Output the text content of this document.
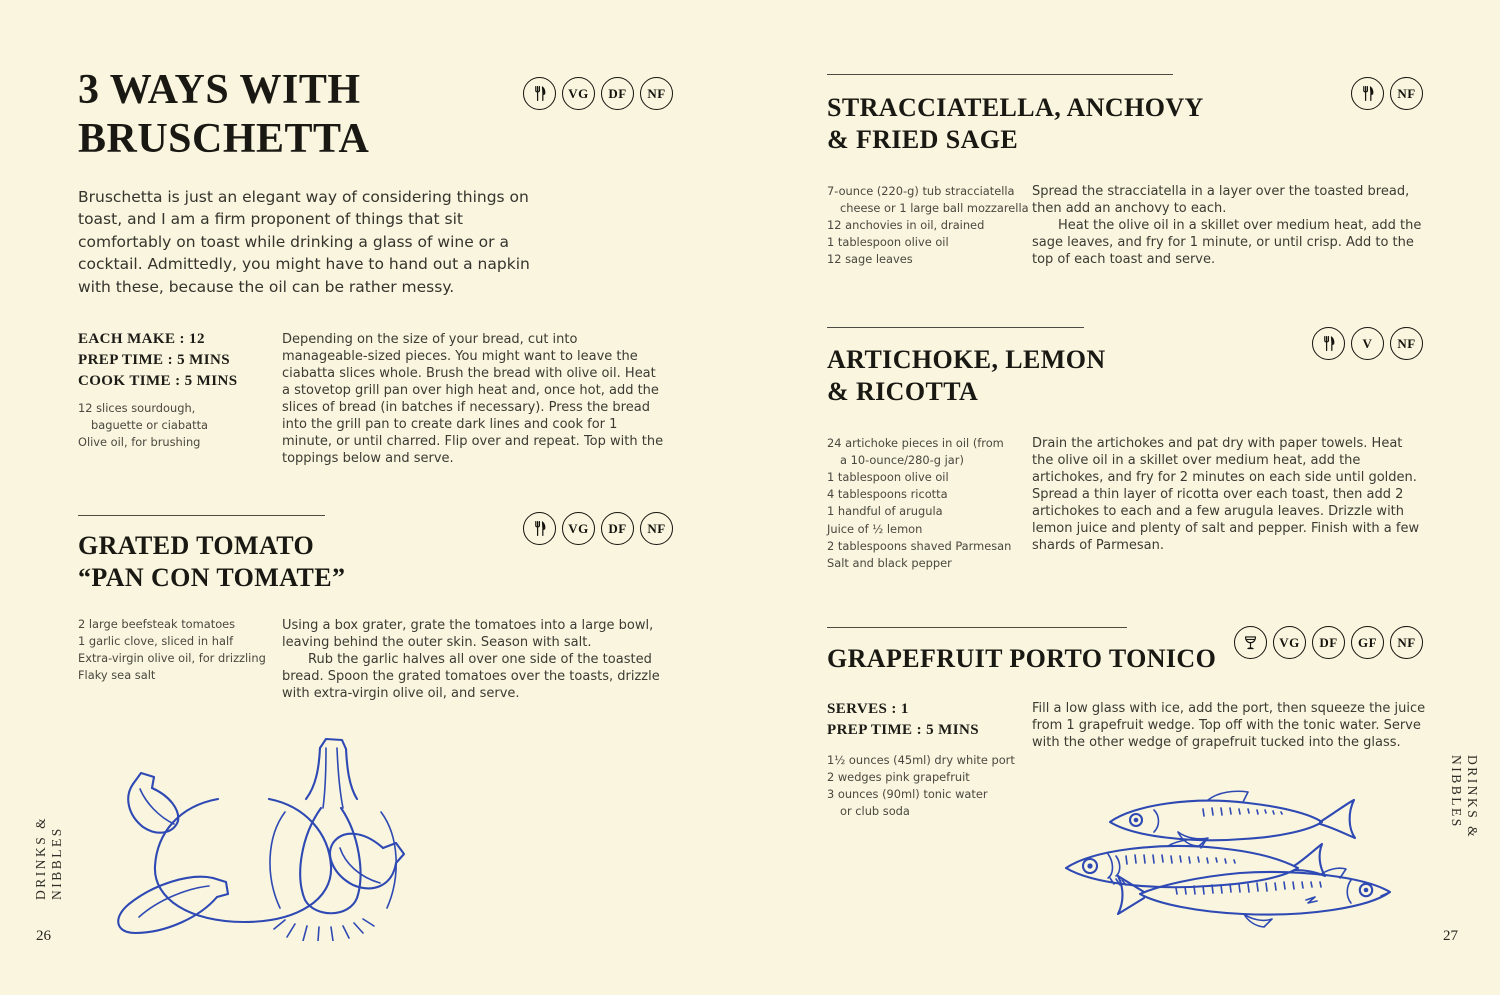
3 WAYS WITH
BRUSCHETTA
VG	DF	NF
Bruschetta is just an elegant way of considering things on toast, and I am a firm proponent of things that sit comfortably on toast while drinking a glass of wine or a cocktail. Admittedly, you might have to hand out a napkin with these, because the oil can be rather messy.
EACH MAKE : 12
PREP TIME : 5 MINS
COOK TIME : 5 MINS
12 slices sourdough,
baguette or ciabatta
Olive oil, for brushing

Depending on the size of your bread, cut into manageable-sized pieces. You might want to leave the ciabatta slices whole. Brush the bread with olive oil. Heat a stovetop grill pan over high heat and, once hot, add the slices of bread (in batches if necessary). Press the bread into the grill pan to create dark lines and cook for 1 minute, or until charred. Flip over and repeat. Top with the toppings below and serve.

GRATED TOMATO
“PAN CON TOMATE”
VG	DF	NF
2 large beefsteak tomatoes
1 garlic clove, sliced in half
Extra-virgin olive oil, for drizzling
Flaky sea salt

Using a box grater, grate the tomatoes into a large bowl, leaving behind the outer skin. Season with salt.

Rub the garlic halves all over one side of the toasted bread. Spoon the grated tomatoes over the toasts, drizzle with extra-virgin olive oil, and serve.

DRINKS & NIBBLES
26
STRACCIATELLA, ANCHOVY
& FRIED SAGE
NF
7-ounce (220-g) tub stracciatella
cheese or 1 large ball mozzarella
12 anchovies in oil, drained
1 tablespoon olive oil
12 sage leaves

Spread the stracciatella in a layer over the toasted bread, then add an anchovy to each.

Heat the olive oil in a skillet over medium heat, add the sage leaves, and fry for 1 minute, or until crisp. Add to the top of each toast and serve.

ARTICHOKE, LEMON
& RICOTTA
V	NF
24 artichoke pieces in oil (from
a 10-ounce/280-g jar)
1 tablespoon olive oil
4 tablespoons ricotta
1 handful of arugula
Juice of ½ lemon
2 tablespoons shaved Parmesan
Salt and black pepper

Drain the artichokes and pat dry with paper towels. Heat the olive oil in a skillet over medium heat, add the artichokes, and fry for 2 minutes on each side until golden. Spread a thin layer of ricotta over each toast, then add 2 artichokes to each and a few arugula leaves. Drizzle with lemon juice and plenty of salt and pepper. Finish with a few shards of Parmesan.

GRAPEFRUIT PORTO TONICO
VG	DF	GF	NF
SERVES : 1
PREP TIME : 5 MINS
1½ ounces (45ml) dry white port
2 wedges pink grapefruit
3 ounces (90ml) tonic water
or club soda

Fill a low glass with ice, add the port, then squeeze the juice from 1 grapefruit wedge. Top off with the tonic water. Serve with the other wedge of grapefruit tucked into the glass.

DRINKS & NIBBLES
27
